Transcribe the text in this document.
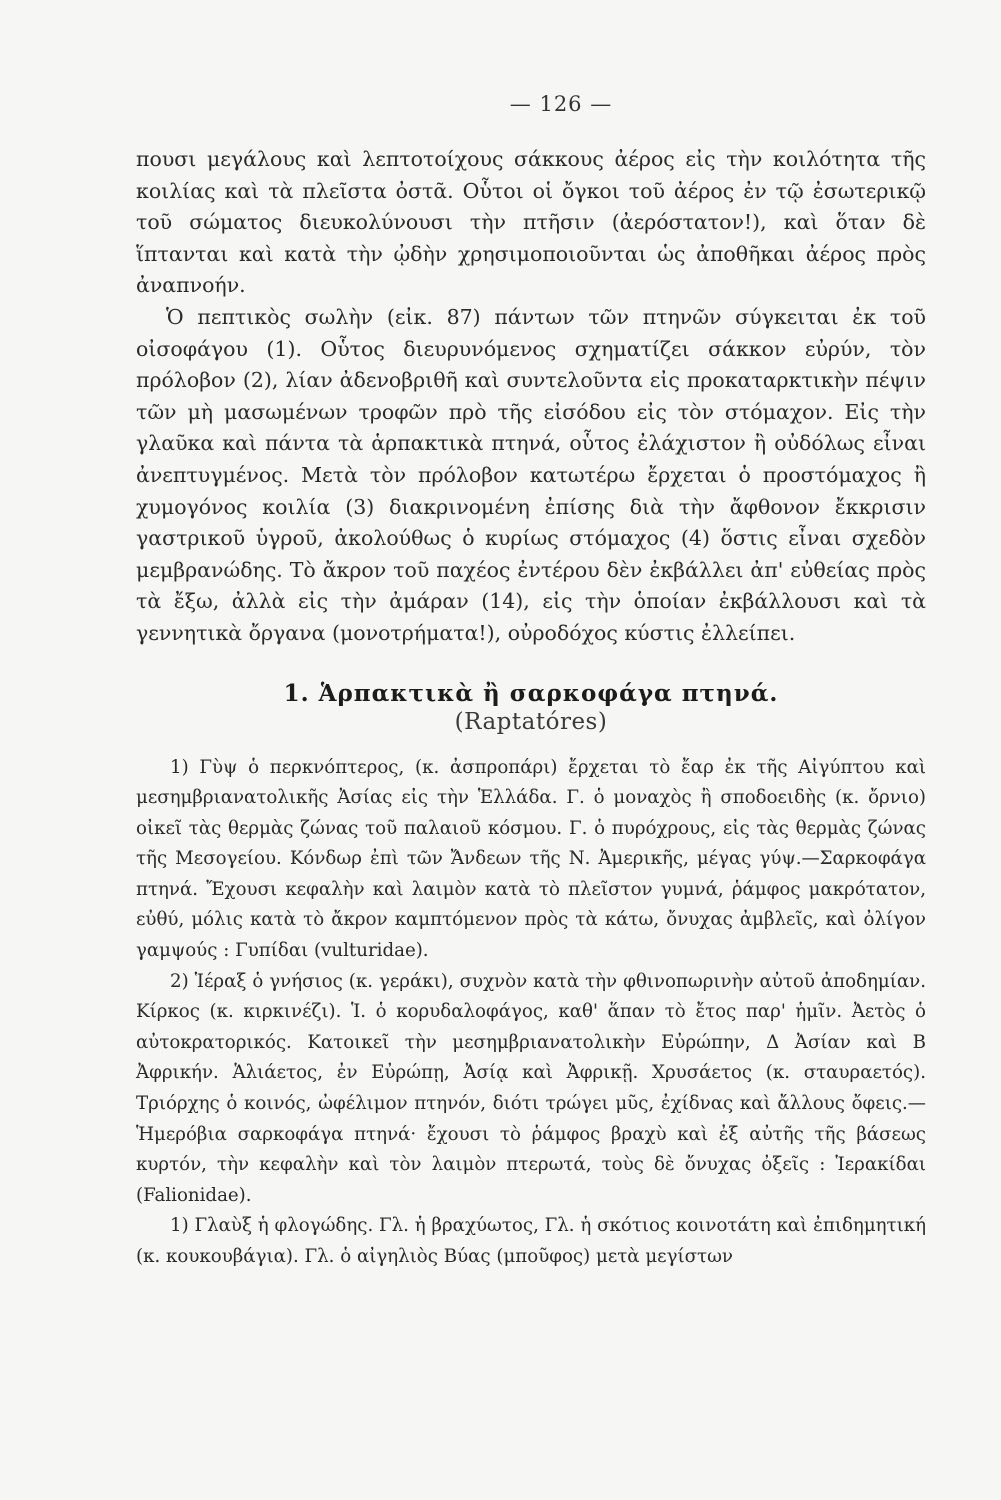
— 126 —

πουσι μεγάλους καὶ λεπτοτοίχους σάκκους ἀέρος εἰς τὴν κοιλότητα τῆς κοιλίας καὶ τὰ πλεῖστα ὀστᾶ. Οὗτοι οἱ ὄγκοι τοῦ ἀέρος ἐν τῷ ἐσωτερικῷ τοῦ σώματος διευκολύνουσι τὴν πτῆσιν (ἀερόστατον!), καὶ ὅταν δὲ ἵπτανται καὶ κατὰ τὴν ᾠδὴν χρησιμοποιοῦνται ὡς ἀποθῆκαι ἀέρος πρὸς ἀναπνοήν.

Ὁ πεπτικὸς σωλὴν (εἰκ. 87) πάντων τῶν πτηνῶν σύγκειται ἐκ τοῦ οἰσοφάγου (1). Οὗτος διευρυνόμενος σχηματίζει σάκκον εὐρύν, τὸν πρόλοβον (2), λίαν ἀδενοβριθῆ καὶ συντελοῦντα εἰς προκαταρκτικὴν πέψιν τῶν μὴ μασωμένων τροφῶν πρὸ τῆς εἰσόδου εἰς τὸν στόμαχον. Εἰς τὴν γλαῦκα καὶ πάντα τὰ ἁρπακτικὰ πτηνά, οὗτος ἐλάχιστον ἢ οὐδόλως εἶναι ἀνεπτυγμένος. Μετὰ τὸν πρόλοβον κατωτέρω ἔρχεται ὁ προστόμαχος ἢ χυμογόνος κοιλία (3) διακρινομένη ἐπίσης διὰ τὴν ἄφθονον ἔκκρισιν γαστρικοῦ ὑγροῦ, ἀκολούθως ὁ κυρίως στόμαχος (4) ὅστις εἶναι σχεδὸν μεμβρανώδης. Τὸ ἄκρον τοῦ παχέος ἐντέρου δὲν ἐκβάλλει ἀπ' εὐθείας πρὸς τὰ ἔξω, ἀλλὰ εἰς τὴν ἀμάραν (14), εἰς τὴν ὁποίαν ἐκβάλλουσι καὶ τὰ γεννητικὰ ὄργανα (μονοτρήματα!), οὐροδόχος κύστις ἐλλείπει.

1. Ἁρπακτικὰ ἢ σαρκοφάγα πτηνά.
(Raptatóres)

1) Γὺψ ὁ περκνόπτερος, (κ. ἀσπροπάρι) ἔρχεται τὸ ἔαρ ἐκ τῆς Αἰγύπτου καὶ μεσημβριανατολικῆς Ἀσίας εἰς τὴν Ἑλλάδα. Γ. ὁ μοναχὸς ἢ σποδοειδὴς (κ. ὄρνιο) οἰκεῖ τὰς θερμὰς ζώνας τοῦ παλαιοῦ κόσμου. Γ. ὁ πυρόχρους, εἰς τὰς θερμὰς ζώνας τῆς Μεσογείου. Κόνδωρ ἐπὶ τῶν Ἄνδεων τῆς Ν. Ἀμερικῆς, μέγας γύψ.—Σαρκοφάγα πτηνά. Ἔχουσι κεφαλὴν καὶ λαιμὸν κατὰ τὸ πλεῖστον γυμνά, ῥάμφος μακρότατον, εὐθύ, μόλις κατὰ τὸ ἄκρον καμπτόμενον πρὸς τὰ κάτω, ὄνυχας ἀμβλεῖς, καὶ ὀλίγον γαμψούς : Γυπίδαι (vulturidae).

2) Ἱέραξ ὁ γνήσιος (κ. γεράκι), συχνὸν κατὰ τὴν φθινοπωρινὴν αὐτοῦ ἀποδημίαν. Κίρκος (κ. κιρκινέζι). Ἱ. ὁ κορυδαλοφάγος, καθ' ἅπαν τὸ ἔτος παρ' ἡμῖν. Ἀετὸς ὁ αὐτοκρατορικός. Κατοικεῖ τὴν μεσημβριανατολικὴν Εὐρώπην, Δ Ἀσίαν καὶ Β Ἀφρικήν. Ἁλιάετος, ἐν Εὐρώπῃ, Ἀσίᾳ καὶ Ἀφρικῇ. Χρυσάετος (κ. σταυραετός). Τριόρχης ὁ κοινός, ὠφέλιμον πτηνόν, διότι τρώγει μῦς, ἐχίδνας καὶ ἄλλους ὄφεις.—Ἡμερόβια σαρκοφάγα πτηνά· ἔχουσι τὸ ῥάμφος βραχὺ καὶ ἐξ αὐτῆς τῆς βάσεως κυρτόν, τὴν κεφαλὴν καὶ τὸν λαιμὸν πτερωτά, τοὺς δὲ ὄνυχας ὀξεῖς : Ἱερακίδαι (Falionidae).

1) Γλαὺξ ἡ φλογώδης. Γλ. ἡ βραχύωτος, Γλ. ἡ σκότιος κοινοτάτη καὶ ἐπιδημητική (κ. κουκουβάγια). Γλ. ὁ αἰγηλιὸς Βύας (μποῦφος) μετὰ μεγίστων
